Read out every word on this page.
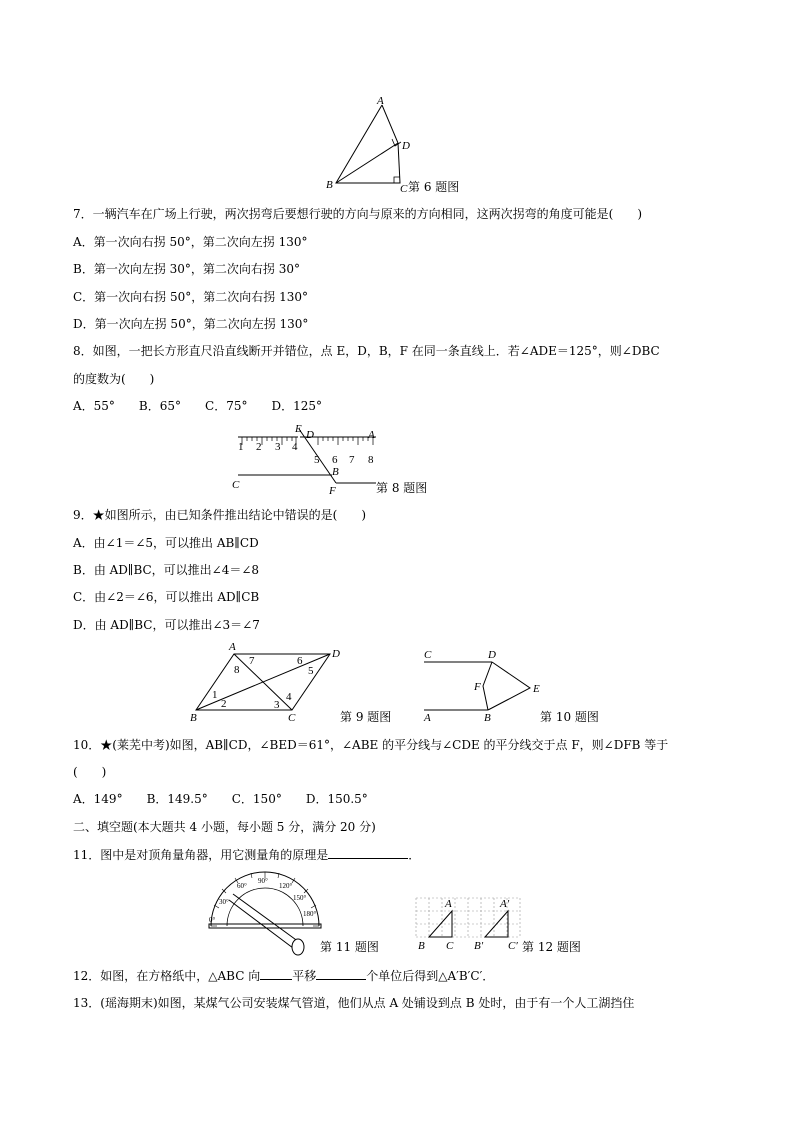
A
D
B	C 第 6 题图
7．一辆汽车在广场上行驶，两次拐弯后要想行驶的方向与原来的方向相同，这两次拐弯的角度可能是(　　)
A．第一次向右拐 50°，第二次向左拐 130°
B．第一次向左拐 30°，第二次向右拐 30°
C．第一次向右拐 50°，第二次向右拐 130°
D．第一次向左拐 50°，第二次向左拐 130°
8．如图，一把长方形直尺沿直线断开并错位，点 E，D，B，F 在同一条直线上．若∠ADE＝125°，则∠DBC
的度数为(　　)
A．55°　　B．65°　　C．75°　　D．125°
1 2 3 4
5 6 7 8
E D	A
B
C	F	第 8 题图
9．★如图所示，由已知条件推出结论中错误的是(　　)
A．由∠1＝∠5，可以推出 AB∥CD
B．由 AD∥BC，可以推出∠4＝∠8
C．由∠2＝∠6，可以推出 AD∥CB
D．由 AD∥BC，可以推出∠3＝∠7
A
D
B	C
1
2	3
4
5
6
7
8
第 9 题图
C	D
E
F
A	B	第 10 题图
10．★(莱芜中考)如图，AB∥CD，∠BED＝61°，∠ABE 的平分线与∠CDE 的平分线交于点 F，则∠DFB 等于
(　　)
A．149°　　B．149.5°　　C．150°　　D．150.5°
二、填空题(本大题共 4 小题，每小题 5 分，满分 20 分)
11．图中是对顶角量角器，用它测量角的原理是	．
0°
30°
60°
90°
120°
150°
180°
第 11 题图
A
B C
A′
B′ C′ 第 12 题图
12．如图，在方格纸中，△ABC 向	平移	个单位后得到△A′B′C′．
13．(瑶海期末)如图，某煤气公司安装煤气管道，他们从点 A 处铺设到点 B 处时，由于有一个人工湖挡住
